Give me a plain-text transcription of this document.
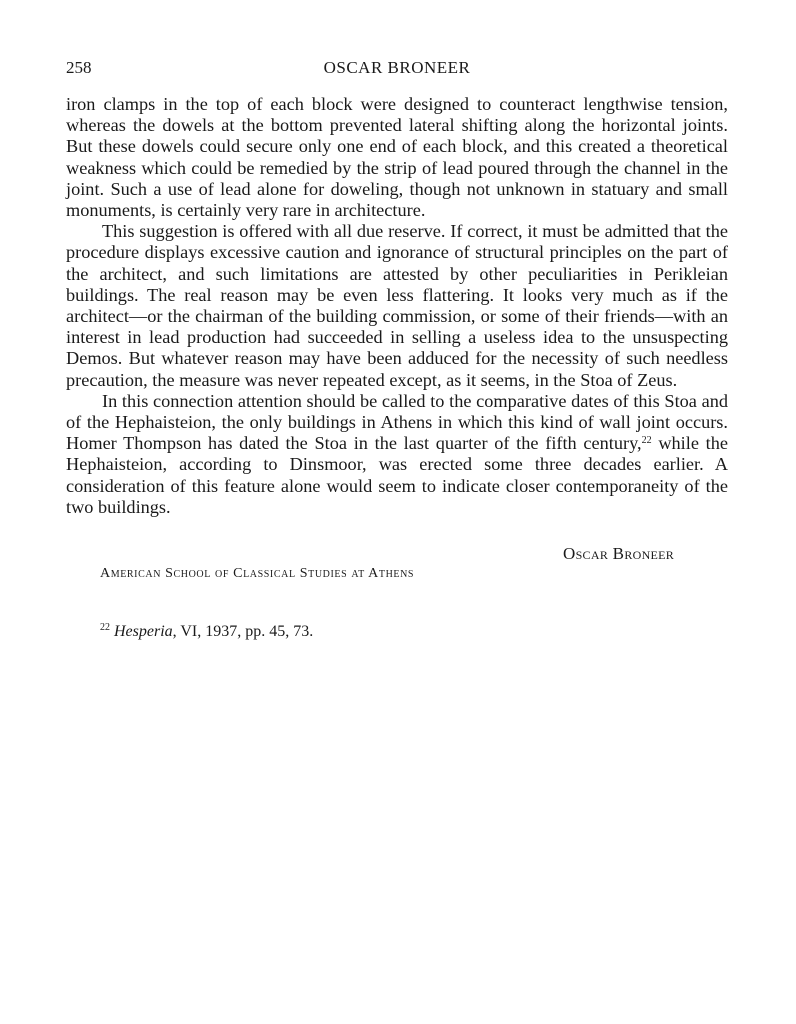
258	OSCAR BRONEER

iron clamps in the top of each block were designed to counteract lengthwise tension, whereas the dowels at the bottom prevented lateral shifting along the horizontal joints. But these dowels could secure only one end of each block, and this created a theoretical weakness which could be remedied by the strip of lead poured through the channel in the joint. Such a use of lead alone for doweling, though not unknown in statuary and small monuments, is certainly very rare in architecture.

This suggestion is offered with all due reserve. If correct, it must be admitted that the procedure displays excessive caution and ignorance of structural principles on the part of the architect, and such limitations are attested by other peculiarities in Perikleian buildings. The real reason may be even less flattering. It looks very much as if the architect—or the chairman of the building commission, or some of their friends—with an interest in lead production had succeeded in selling a useless idea to the unsuspecting Demos. But whatever reason may have been adduced for the necessity of such needless precaution, the measure was never repeated except, as it seems, in the Stoa of Zeus.

In this connection attention should be called to the comparative dates of this Stoa and of the Hephaisteion, the only buildings in Athens in which this kind of wall joint occurs. Homer Thompson has dated the Stoa in the last quarter of the fifth century,$^{22}$ while the Hephaisteion, according to Dinsmoor, was erected some three decades earlier. A consideration of this feature alone would seem to indicate closer contemporaneity of the two buildings.

Oscar Broneer
American School of Classical Studies at Athens
$^{22}$ Hesperia, VI, 1937, pp. 45, 73.
